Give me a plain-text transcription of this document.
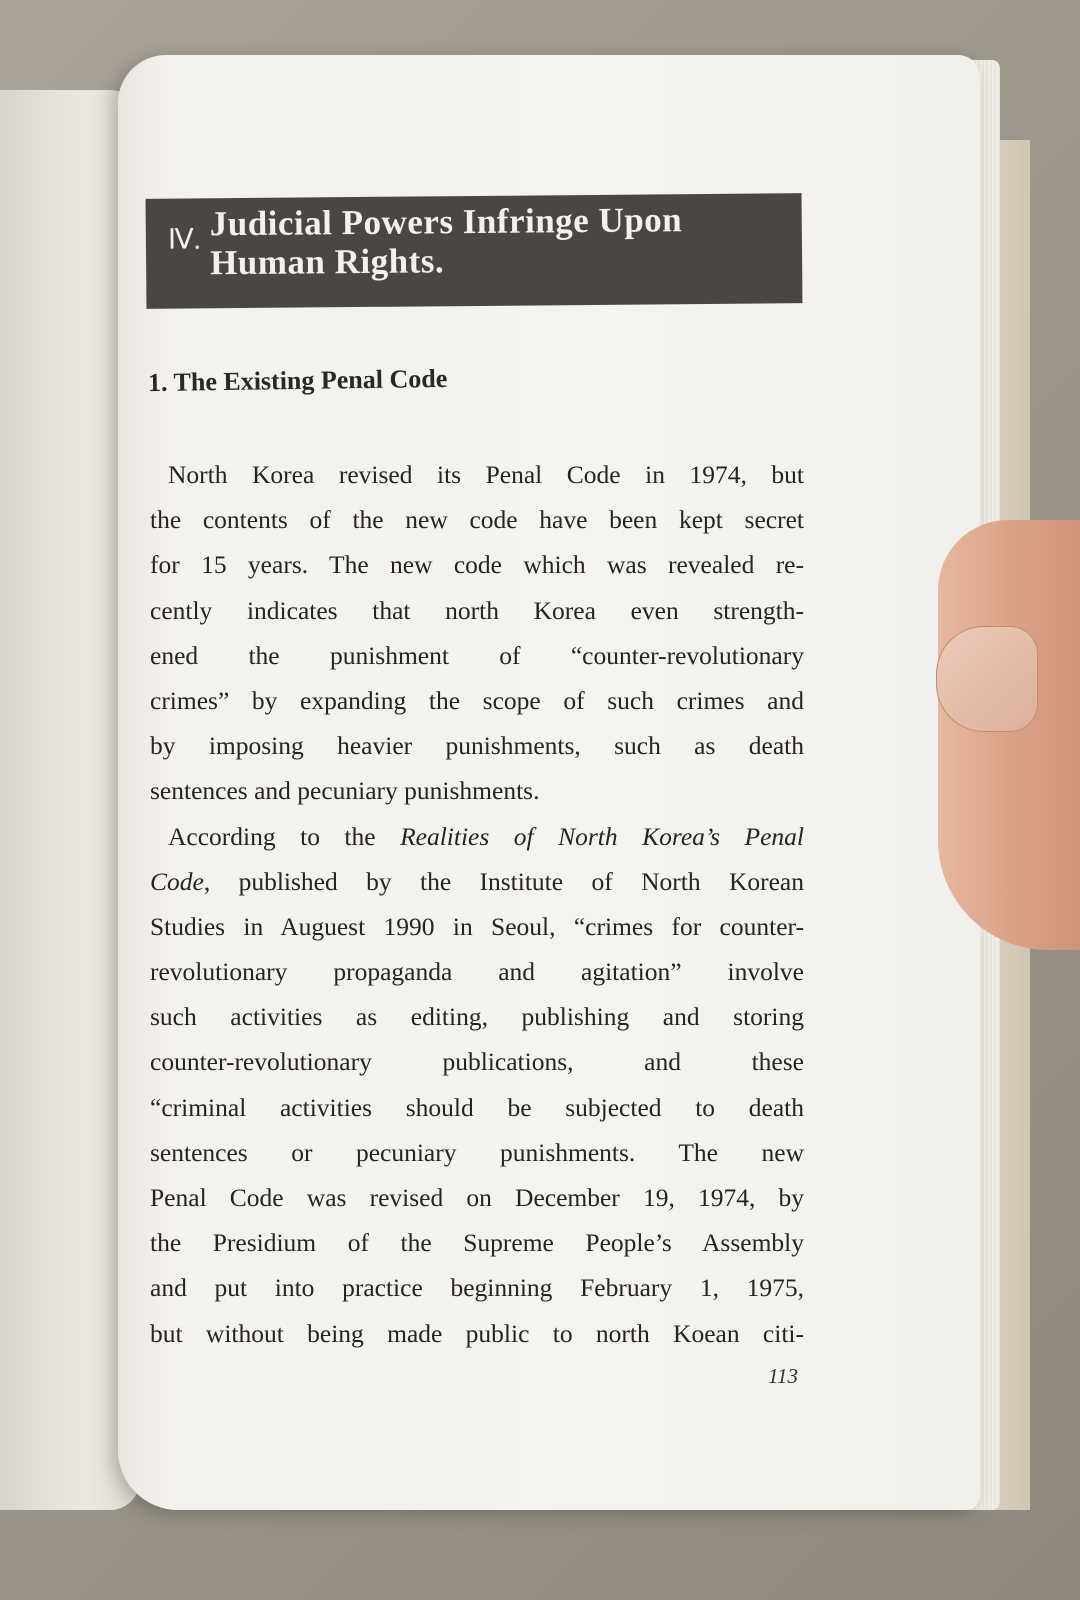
Ⅳ. Judicial Powers Infringe Upon
Human Rights.
1. The Existing Penal Code
North Korea revised its Penal Code in 1974, but
the contents of the new code have been kept secret
for 15 years. The new code which was revealed re-
cently indicates that north Korea even strength-
ened the punishment of “counter-revolutionary
crimes” by expanding the scope of such crimes and
by imposing heavier punishments, such as death
sentences and pecuniary punishments.
According to the Realities of North Korea’s Penal
Code, published by the Institute of North Korean
Studies in Auguest 1990 in Seoul, “crimes for counter-
revolutionary propaganda and agitation” involve
such activities as editing, publishing and storing
counter-revolutionary publications, and these
“criminal activities should be subjected to death
sentences or pecuniary punishments. The new
Penal Code was revised on December 19, 1974, by
the Presidium of the Supreme People’s Assembly
and put into practice beginning February 1, 1975,
but without being made public to north Koean citi-
113
